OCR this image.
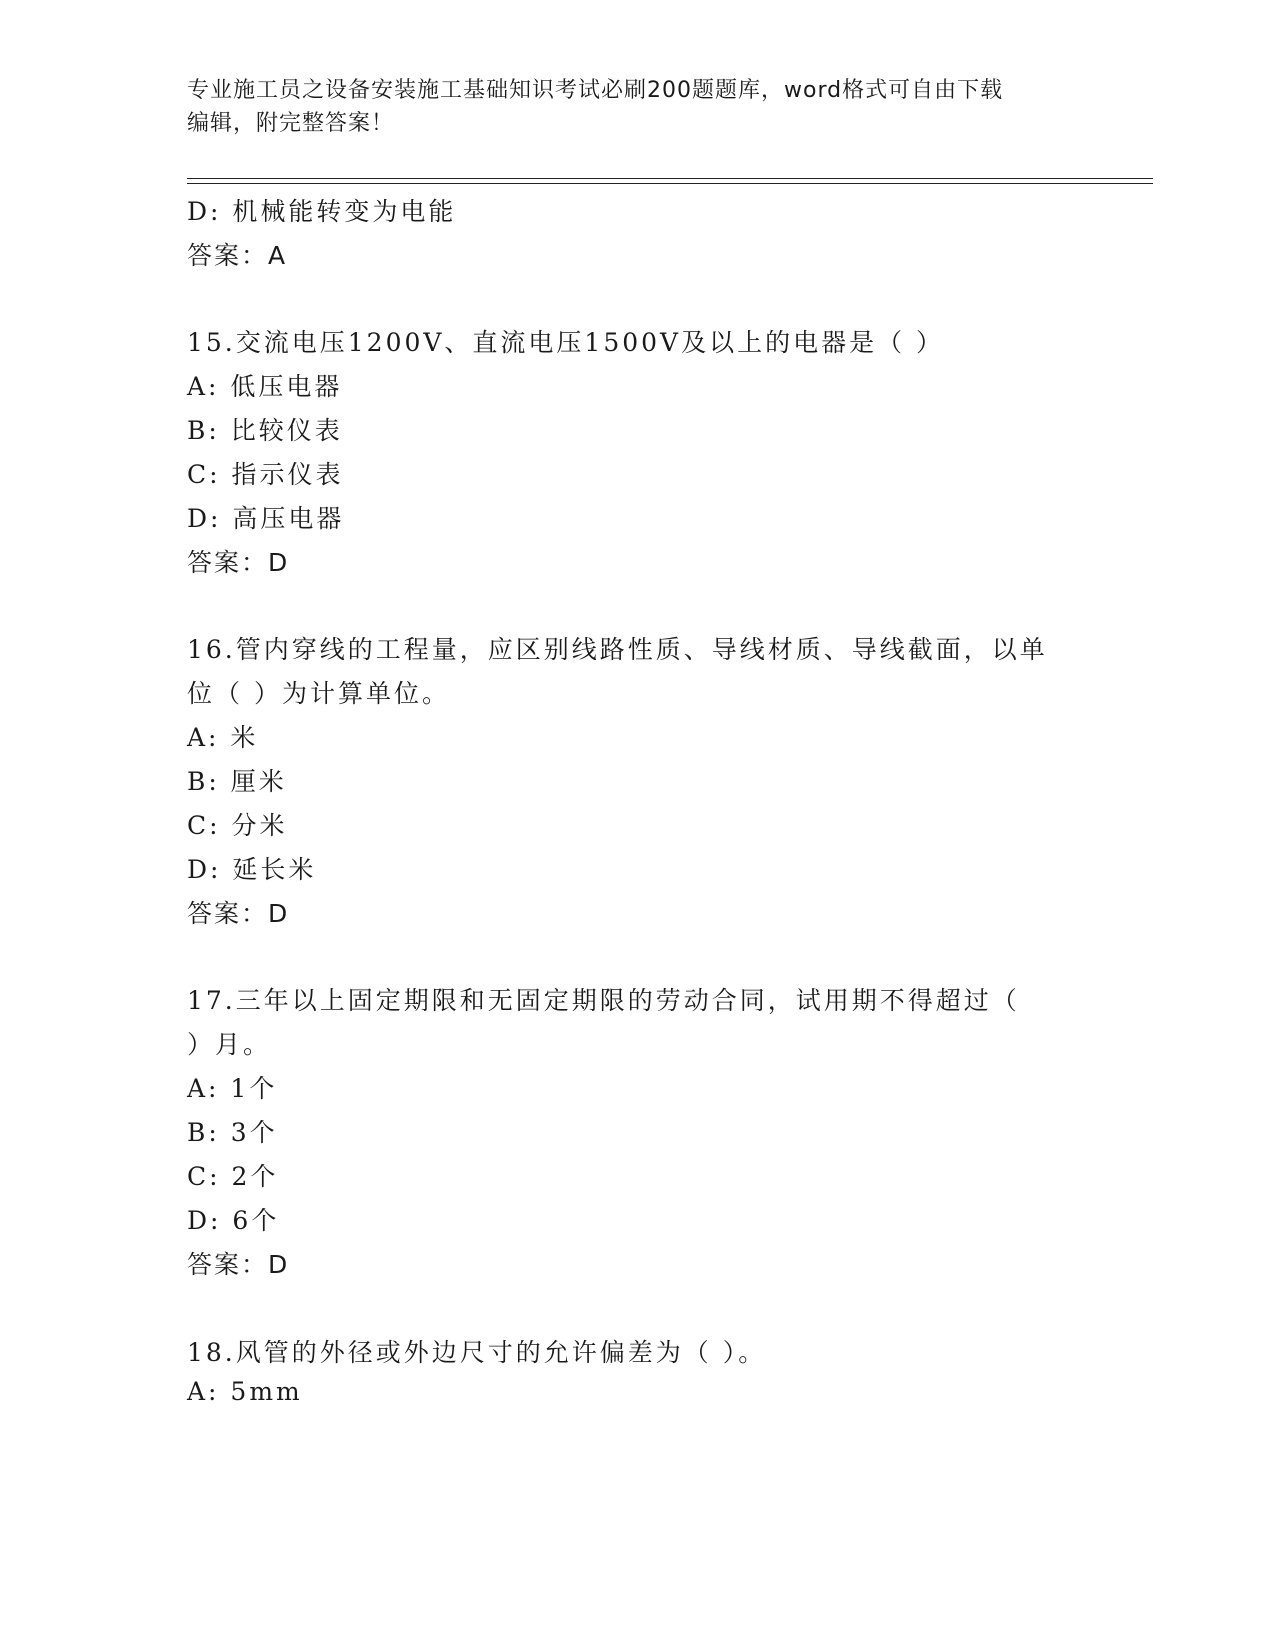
专业施工员之设备安装施工基础知识考试必刷200题题库，word格式可自由下载
编辑，附完整答案！
D: 机械能转变为电能
答案：A
15.交流电压1200V、直流电压1500V及以上的电器是（ ）
A: 低压电器
B: 比较仪表
C: 指示仪表
D: 高压电器
答案：D
16.管内穿线的工程量，应区别线路性质、导线材质、导线截面，以单
位（ ）为计算单位。
A: 米
B: 厘米
C: 分米
D: 延长米
答案：D
17.三年以上固定期限和无固定期限的劳动合同，试用期不得超过（
）月。
A: 1个
B: 3个
C: 2个
D: 6个
答案：D
18.风管的外径或外边尺寸的允许偏差为（ ）。
A: 5mm
